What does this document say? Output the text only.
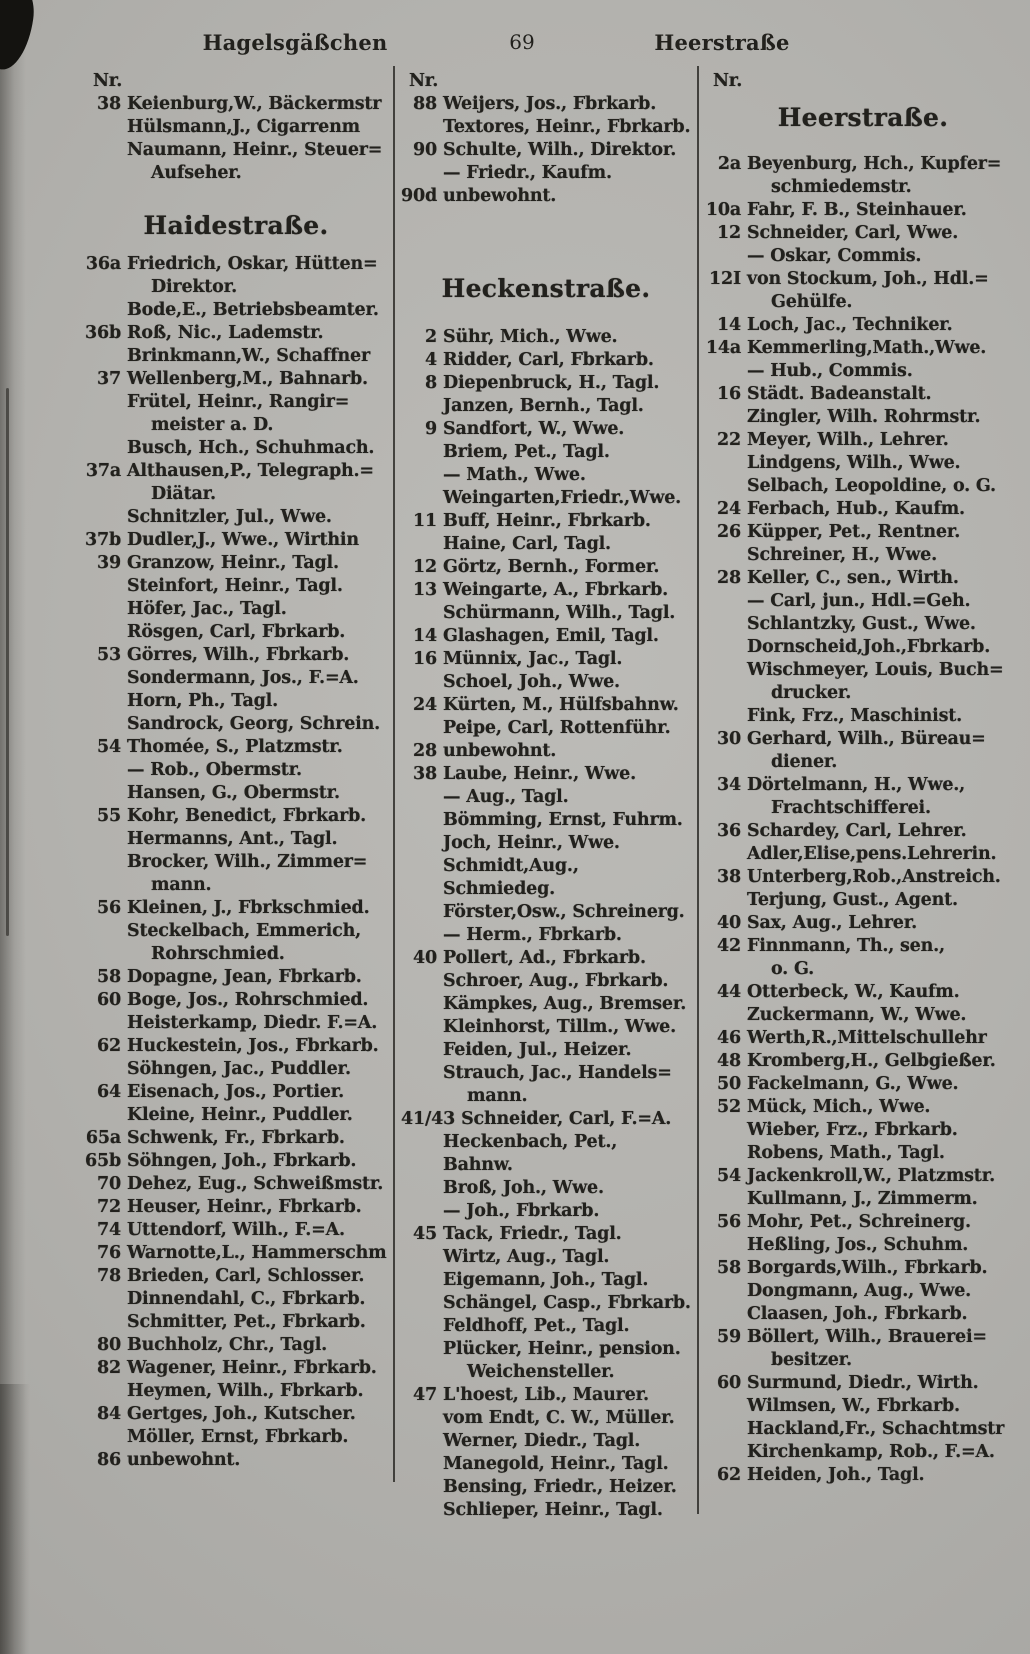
Hagelsgäßchen	69	Heerstraße
Nr.
38 Keienburg,W., Bäckermstr
Hülsmann,J., Cigarrenm
Naumann, Heinr., Steuer=
Aufseher.
Haidestraße.
36a Friedrich, Oskar, Hütten=
Direktor.
Bode,E., Betriebsbeamter.
36b Roß, Nic., Lademstr.
Brinkmann,W., Schaffner
37 Wellenberg,M., Bahnarb.
Frütel, Heinr., Rangir=
meister a. D.
Busch, Hch., Schuhmach.
37a Althausen,P., Telegraph.=
Diätar.
Schnitzler, Jul., Wwe.
37b Dudler,J., Wwe., Wirthin
39 Granzow, Heinr., Tagl.
Steinfort, Heinr., Tagl.
Höfer, Jac., Tagl.
Rösgen, Carl, Fbrkarb.
53 Görres, Wilh., Fbrkarb.
Sondermann, Jos., F.=A.
Horn, Ph., Tagl.
Sandrock, Georg, Schrein.
54 Thomée, S., Platzmstr.
— Rob., Obermstr.
Hansen, G., Obermstr.
55 Kohr, Benedict, Fbrkarb.
Hermanns, Ant., Tagl.
Brocker, Wilh., Zimmer=
mann.
56 Kleinen, J., Fbrkschmied.
Steckelbach, Emmerich,
Rohrschmied.
58 Dopagne, Jean, Fbrkarb.
60 Boge, Jos., Rohrschmied.
Heisterkamp, Diedr. F.=A.
62 Huckestein, Jos., Fbrkarb.
Söhngen, Jac., Puddler.
64 Eisenach, Jos., Portier.
Kleine, Heinr., Puddler.
65a Schwenk, Fr., Fbrkarb.
65b Söhngen, Joh., Fbrkarb.
70 Dehez, Eug., Schweißmstr.
72 Heuser, Heinr., Fbrkarb.
74 Uttendorf, Wilh., F.=A.
76 Warnotte,L., Hammerschm
78 Brieden, Carl, Schlosser.
Dinnendahl, C., Fbrkarb.
Schmitter, Pet., Fbrkarb.
80 Buchholz, Chr., Tagl.
82 Wagener, Heinr., Fbrkarb.
Heymen, Wilh., Fbrkarb.
84 Gertges, Joh., Kutscher.
Möller, Ernst, Fbrkarb.
86 unbewohnt.
Nr.
88 Weijers, Jos., Fbrkarb.
Textores, Heinr., Fbrkarb.
90 Schulte, Wilh., Direktor.
— Friedr., Kaufm.
90d unbewohnt.
Heckenstraße.
2 Sühr, Mich., Wwe.
4 Ridder, Carl, Fbrkarb.
8 Diepenbruck, H., Tagl.
Janzen, Bernh., Tagl.
9 Sandfort, W., Wwe.
Briem, Pet., Tagl.
— Math., Wwe.
Weingarten,Friedr.,Wwe.
11 Buff, Heinr., Fbrkarb.
Haine, Carl, Tagl.
12 Görtz, Bernh., Former.
13 Weingarte, A., Fbrkarb.
Schürmann, Wilh., Tagl.
14 Glashagen, Emil, Tagl.
16 Münnix, Jac., Tagl.
Schoel, Joh., Wwe.
24 Kürten, M., Hülfsbahnw.
Peipe, Carl, Rottenführ.
28 unbewohnt.
38 Laube, Heinr., Wwe.
— Aug., Tagl.
Bömming, Ernst, Fuhrm.
Joch, Heinr., Wwe.
Schmidt,Aug., Schmiedeg.
Förster,Osw., Schreinerg.
— Herm., Fbrkarb.
40 Pollert, Ad., Fbrkarb.
Schroer, Aug., Fbrkarb.
Kämpkes, Aug., Bremser.
Kleinhorst, Tillm., Wwe.
Feiden, Jul., Heizer.
Strauch, Jac., Handels=
mann.
41/43 Schneider, Carl, F.=A.
Heckenbach, Pet., Bahnw.
Broß, Joh., Wwe.
— Joh., Fbrkarb.
45 Tack, Friedr., Tagl.
Wirtz, Aug., Tagl.
Eigemann, Joh., Tagl.
Schängel, Casp., Fbrkarb.
Feldhoff, Pet., Tagl.
Plücker, Heinr., pension.
Weichensteller.
47 L'hoest, Lib., Maurer.
vom Endt, C. W., Müller.
Werner, Diedr., Tagl.
Manegold, Heinr., Tagl.
Bensing, Friedr., Heizer.
Schlieper, Heinr., Tagl.
Nr.
Heerstraße.
2a Beyenburg, Hch., Kupfer=
schmiedemstr.
10a Fahr, F. B., Steinhauer.
12 Schneider, Carl, Wwe.
— Oskar, Commis.
12I von Stockum, Joh., Hdl.=
Gehülfe.
14 Loch, Jac., Techniker.
14a Kemmerling,Math.,Wwe.
— Hub., Commis.
16 Städt. Badeanstalt.
Zingler, Wilh. Rohrmstr.
22 Meyer, Wilh., Lehrer.
Lindgens, Wilh., Wwe.
Selbach, Leopoldine, o. G.
24 Ferbach, Hub., Kaufm.
26 Küpper, Pet., Rentner.
Schreiner, H., Wwe.
28 Keller, C., sen., Wirth.
— Carl, jun., Hdl.=Geh.
Schlantzky, Gust., Wwe.
Dornscheid,Joh.,Fbrkarb.
Wischmeyer, Louis, Buch=
drucker.
Fink, Frz., Maschinist.
30 Gerhard, Wilh., Büreau=
diener.
34 Dörtelmann, H., Wwe.,
Frachtschifferei.
36 Schardey, Carl, Lehrer.
Adler,Elise,pens.Lehrerin.
38 Unterberg,Rob.,Anstreich.
Terjung, Gust., Agent.
40 Sax, Aug., Lehrer.
42 Finnmann, Th., sen.,
o. G.
44 Otterbeck, W., Kaufm.
Zuckermann, W., Wwe.
46 Werth,R.,Mittelschullehr
48 Kromberg,H., Gelbgießer.
50 Fackelmann, G., Wwe.
52 Mück, Mich., Wwe.
Wieber, Frz., Fbrkarb.
Robens, Math., Tagl.
54 Jackenkroll,W., Platzmstr.
Kullmann, J., Zimmerm.
56 Mohr, Pet., Schreinerg.
Heßling, Jos., Schuhm.
58 Borgards,Wilh., Fbrkarb.
Dongmann, Aug., Wwe.
Claasen, Joh., Fbrkarb.
59 Böllert, Wilh., Brauerei=
besitzer.
60 Surmund, Diedr., Wirth.
Wilmsen, W., Fbrkarb.
Hackland,Fr., Schachtmstr
Kirchenkamp, Rob., F.=A.
62 Heiden, Joh., Tagl.
